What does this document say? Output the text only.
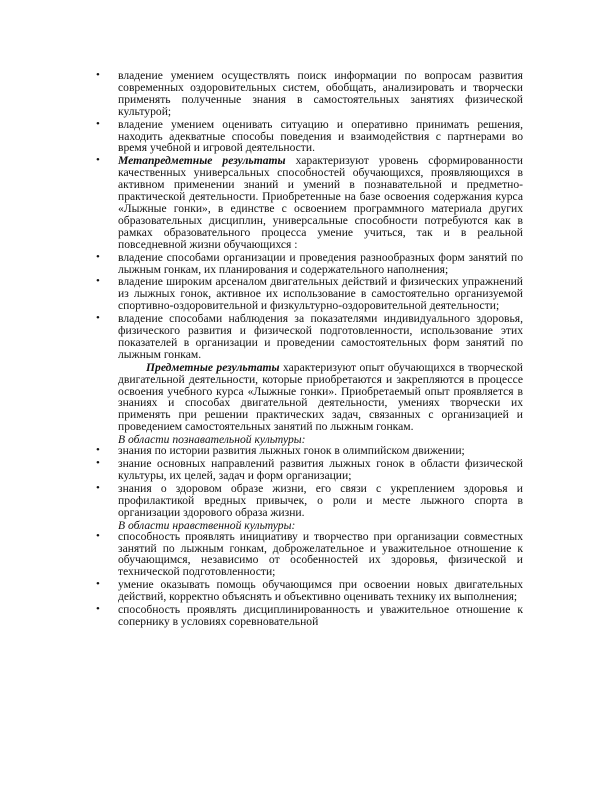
• владение умением осуществлять поиск информации по вопросам развития современных оздоровительных систем, обобщать, анализировать и творчески применять полученные знания в самостоятельных занятиях физической культурой;
• владение умением оценивать ситуацию и оперативно принимать решения, находить адекватные способы поведения и взаимодействия с партнерами во время учебной и игровой деятельности.
• Метапредметные результаты характеризуют уровень сформированности качественных универсальных способностей обучающихся, проявляющихся в активном применении знаний и умений в познавательной и предметно-практической деятельности. Приобретенные на базе освоения содержания курса «Лыжные гонки», в единстве с освоением программного материала других образовательных дисциплин, универсальные способности потребуются как в рамках образовательного процесса умение учиться, так и в реальной повседневной жизни обучающихся :
• владение способами организации и проведения разнообразных форм занятий по лыжным гонкам, их планирования и содержательного наполнения;
• владение широким арсеналом двигательных действий и физических упражнений из лыжных гонок, активное их использование в самостоятельно организуемой спортивно-оздоровительной и физкультурно-оздоровительной деятельности;
• владение способами наблюдения за показателями индивидуального здоровья, физического развития и физической подготовленности, использование этих показателей в организации и проведении самостоятельных форм занятий по лыжным гонкам.

Предметные результаты характеризуют опыт обучающихся в творческой двигательной деятельности, которые приобретаются и закрепляются в процессе освоения учебного курса «Лыжные гонки». Приобретаемый опыт проявляется в знаниях и способах двигательной деятельности, умениях творчески их применять при решении практических задач, связанных с организацией и проведением самостоятельных занятий по лыжным гонкам.

В области познавательной культуры:

• знания по истории развития лыжных гонок в олимпийском движении;
• знание основных направлений развития лыжных гонок в области физической культуры, их целей, задач и форм организации;
• знания о здоровом образе жизни, его связи с укреплением здоровья и профилактикой вредных привычек, о роли и месте лыжного спорта в организации здорового образа жизни.

В области нравственной культуры:

• способность проявлять инициативу и творчество при организации совместных занятий по лыжным гонкам, доброжелательное и уважительное отношение к обучающимся, независимо от особенностей их здоровья, физической и технической подготовленности;
• умение оказывать помощь обучающимся при освоении новых двигательных действий, корректно объяснять и объективно оценивать технику их выполнения;
• способность проявлять дисциплинированность и уважительное отношение к сопернику в условиях соревновательной
